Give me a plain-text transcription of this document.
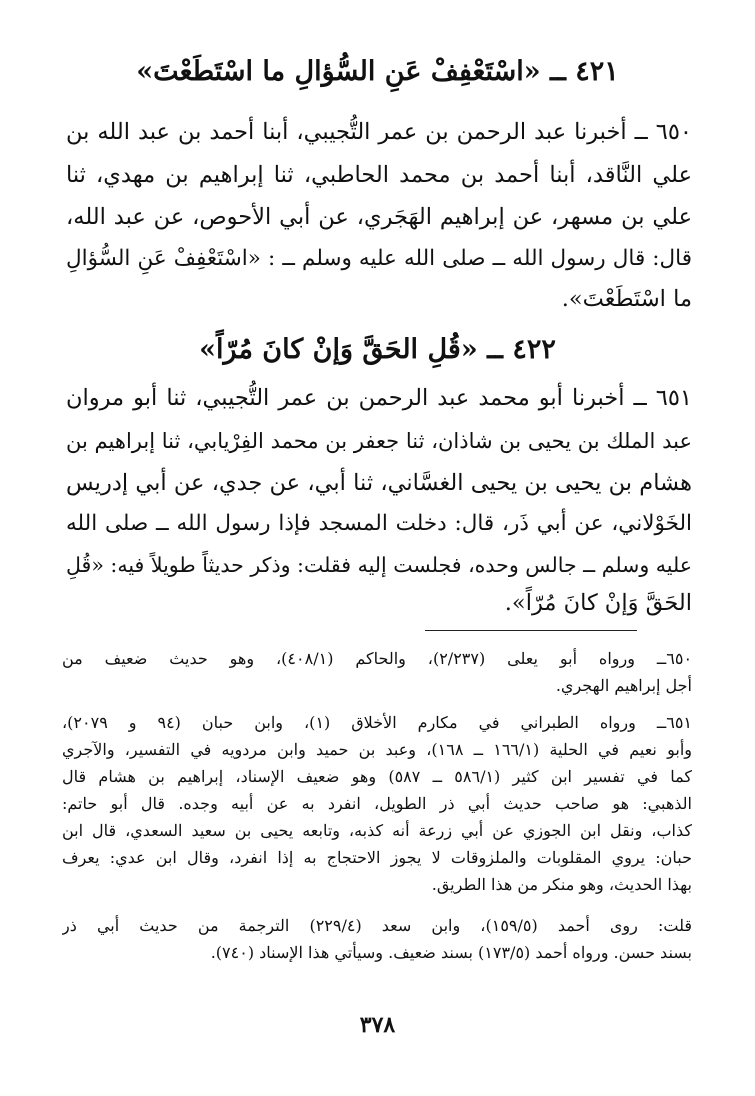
٤٢١ ــ «اسْتَعْفِفْ عَنِ السُّؤالِ ما اسْتَطَعْتَ»
٦٥٠ ــ أخبرنا عبد الرحمن بن عمر التُّجيبي، أبنا أحمد بن عبد الله بن
علي النَّاقد، أبنا أحمد بن محمد الحاطبي، ثنا إبراهيم بن مهدي، ثنا
علي بن مسهر، عن إبراهيم الهَجَري، عن أبي الأحوص، عن عبد الله،
قال: قال رسول الله ــ صلى الله عليه وسلم ــ : «اسْتَعْفِفْ عَنِ السُّؤالِ
ما اسْتَطَعْتَ».
٤٢٢ ــ «قُلِ الحَقَّ وَإنْ كانَ مُرّاً»
٦٥١ ــ أخبرنا أبو محمد عبد الرحمن بن عمر التُّجيبي، ثنا أبو مروان
عبد الملك بن يحيى بن شاذان، ثنا جعفر بن محمد الفِرْيابي، ثنا إبراهيم بن
هشام بن يحيى بن يحيى الغسَّاني، ثنا أبي، عن جدي، عن أبي إدريس
الخَوْلاني، عن أبي ذَر، قال: دخلت المسجد فإذا رسول الله ــ صلى الله
عليه وسلم ــ جالس وحده، فجلست إليه فقلت: وذكر حديثاً طويلاً فيه: «قُلِ
الحَقَّ وَإنْ كانَ مُرّاً».
٦٥٠ــ ورواه أبو يعلى (٢/٢٣٧)، والحاكم (٤٠٨/١)، وهو حديث ضعيف من
أجل إبراهيم الهجري.
٦٥١ــ ورواه الطبراني في مكارم الأخلاق (١)، وابن حبان (٩٤ و ٢٠٧٩)،
وأبو نعيم في الحلية (١٦٦/١ ــ ١٦٨)، وعبد بن حميد وابن مردويه في التفسير، والآجري
كما في تفسير ابن كثير (٥٨٦/١ ــ ٥٨٧) وهو ضعيف الإسناد، إبراهيم بن هشام قال
الذهبي: هو صاحب حديث أبي ذر الطويل، انفرد به عن أبيه وجده. قال أبو حاتم:
كذاب، ونقل ابن الجوزي عن أبي زرعة أنه كذبه، وتابعه يحيى بن سعيد السعدي، قال ابن
حبان: يروي المقلوبات والملزوقات لا يجوز الاحتجاج به إذا انفرد، وقال ابن عدي: يعرف
بهذا الحديث، وهو منكر من هذا الطريق.
قلت: روى أحمد (١٥٩/٥)، وابن سعد (٢٢٩/٤) الترجمة من حديث أبي ذر
بسند حسن. ورواه أحمد (١٧٣/٥) بسند ضعيف. وسيأتي هذا الإسناد (٧٤٠).
٣٧٨
